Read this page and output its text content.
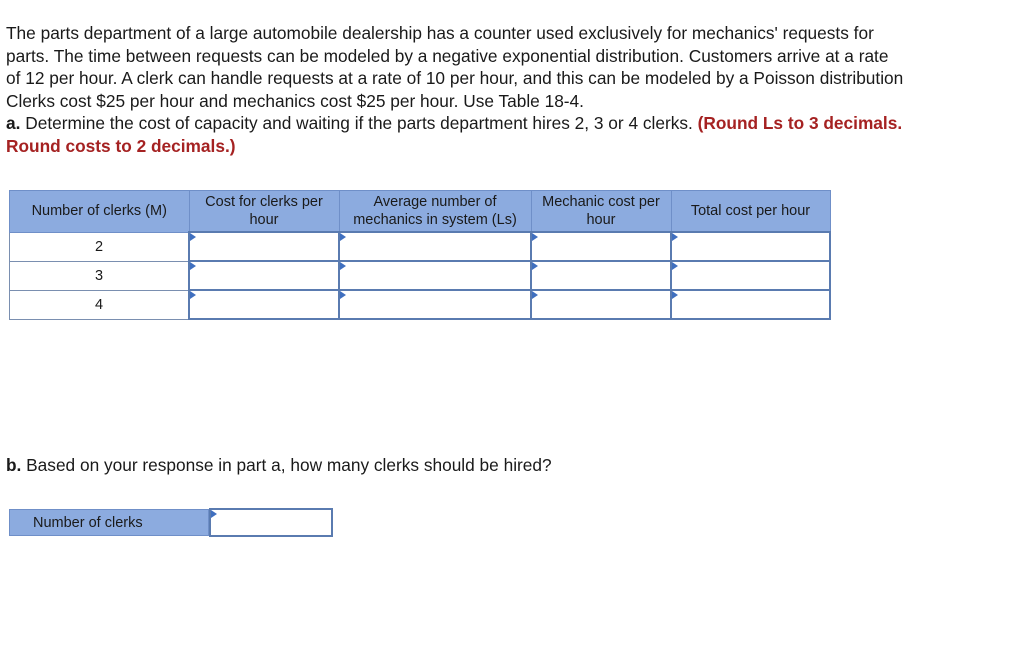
The parts department of a large automobile dealership has a counter used exclusively for mechanics' requests for

parts. The time between requests can be modeled by a negative exponential distribution. Customers arrive at a rate

of 12 per hour. A clerk can handle requests at a rate of 10 per hour, and this can be modeled by a Poisson distribution

Clerks cost $25 per hour and mechanics cost $25 per hour. Use Table 18-4.

a. Determine the cost of capacity and waiting if the parts department hires 2, 3 or 4 clerks. (Round Ls to 3 decimals.

Round costs to 2 decimals.)

Number of clerks (M)	Cost for clerks per hour	Average number of mechanics in system (Ls)	Mechanic cost per hour	Total cost per hour
2	

3	

4	

b. Based on your response in part a, how many clerks should be hired?
Number of clerks
